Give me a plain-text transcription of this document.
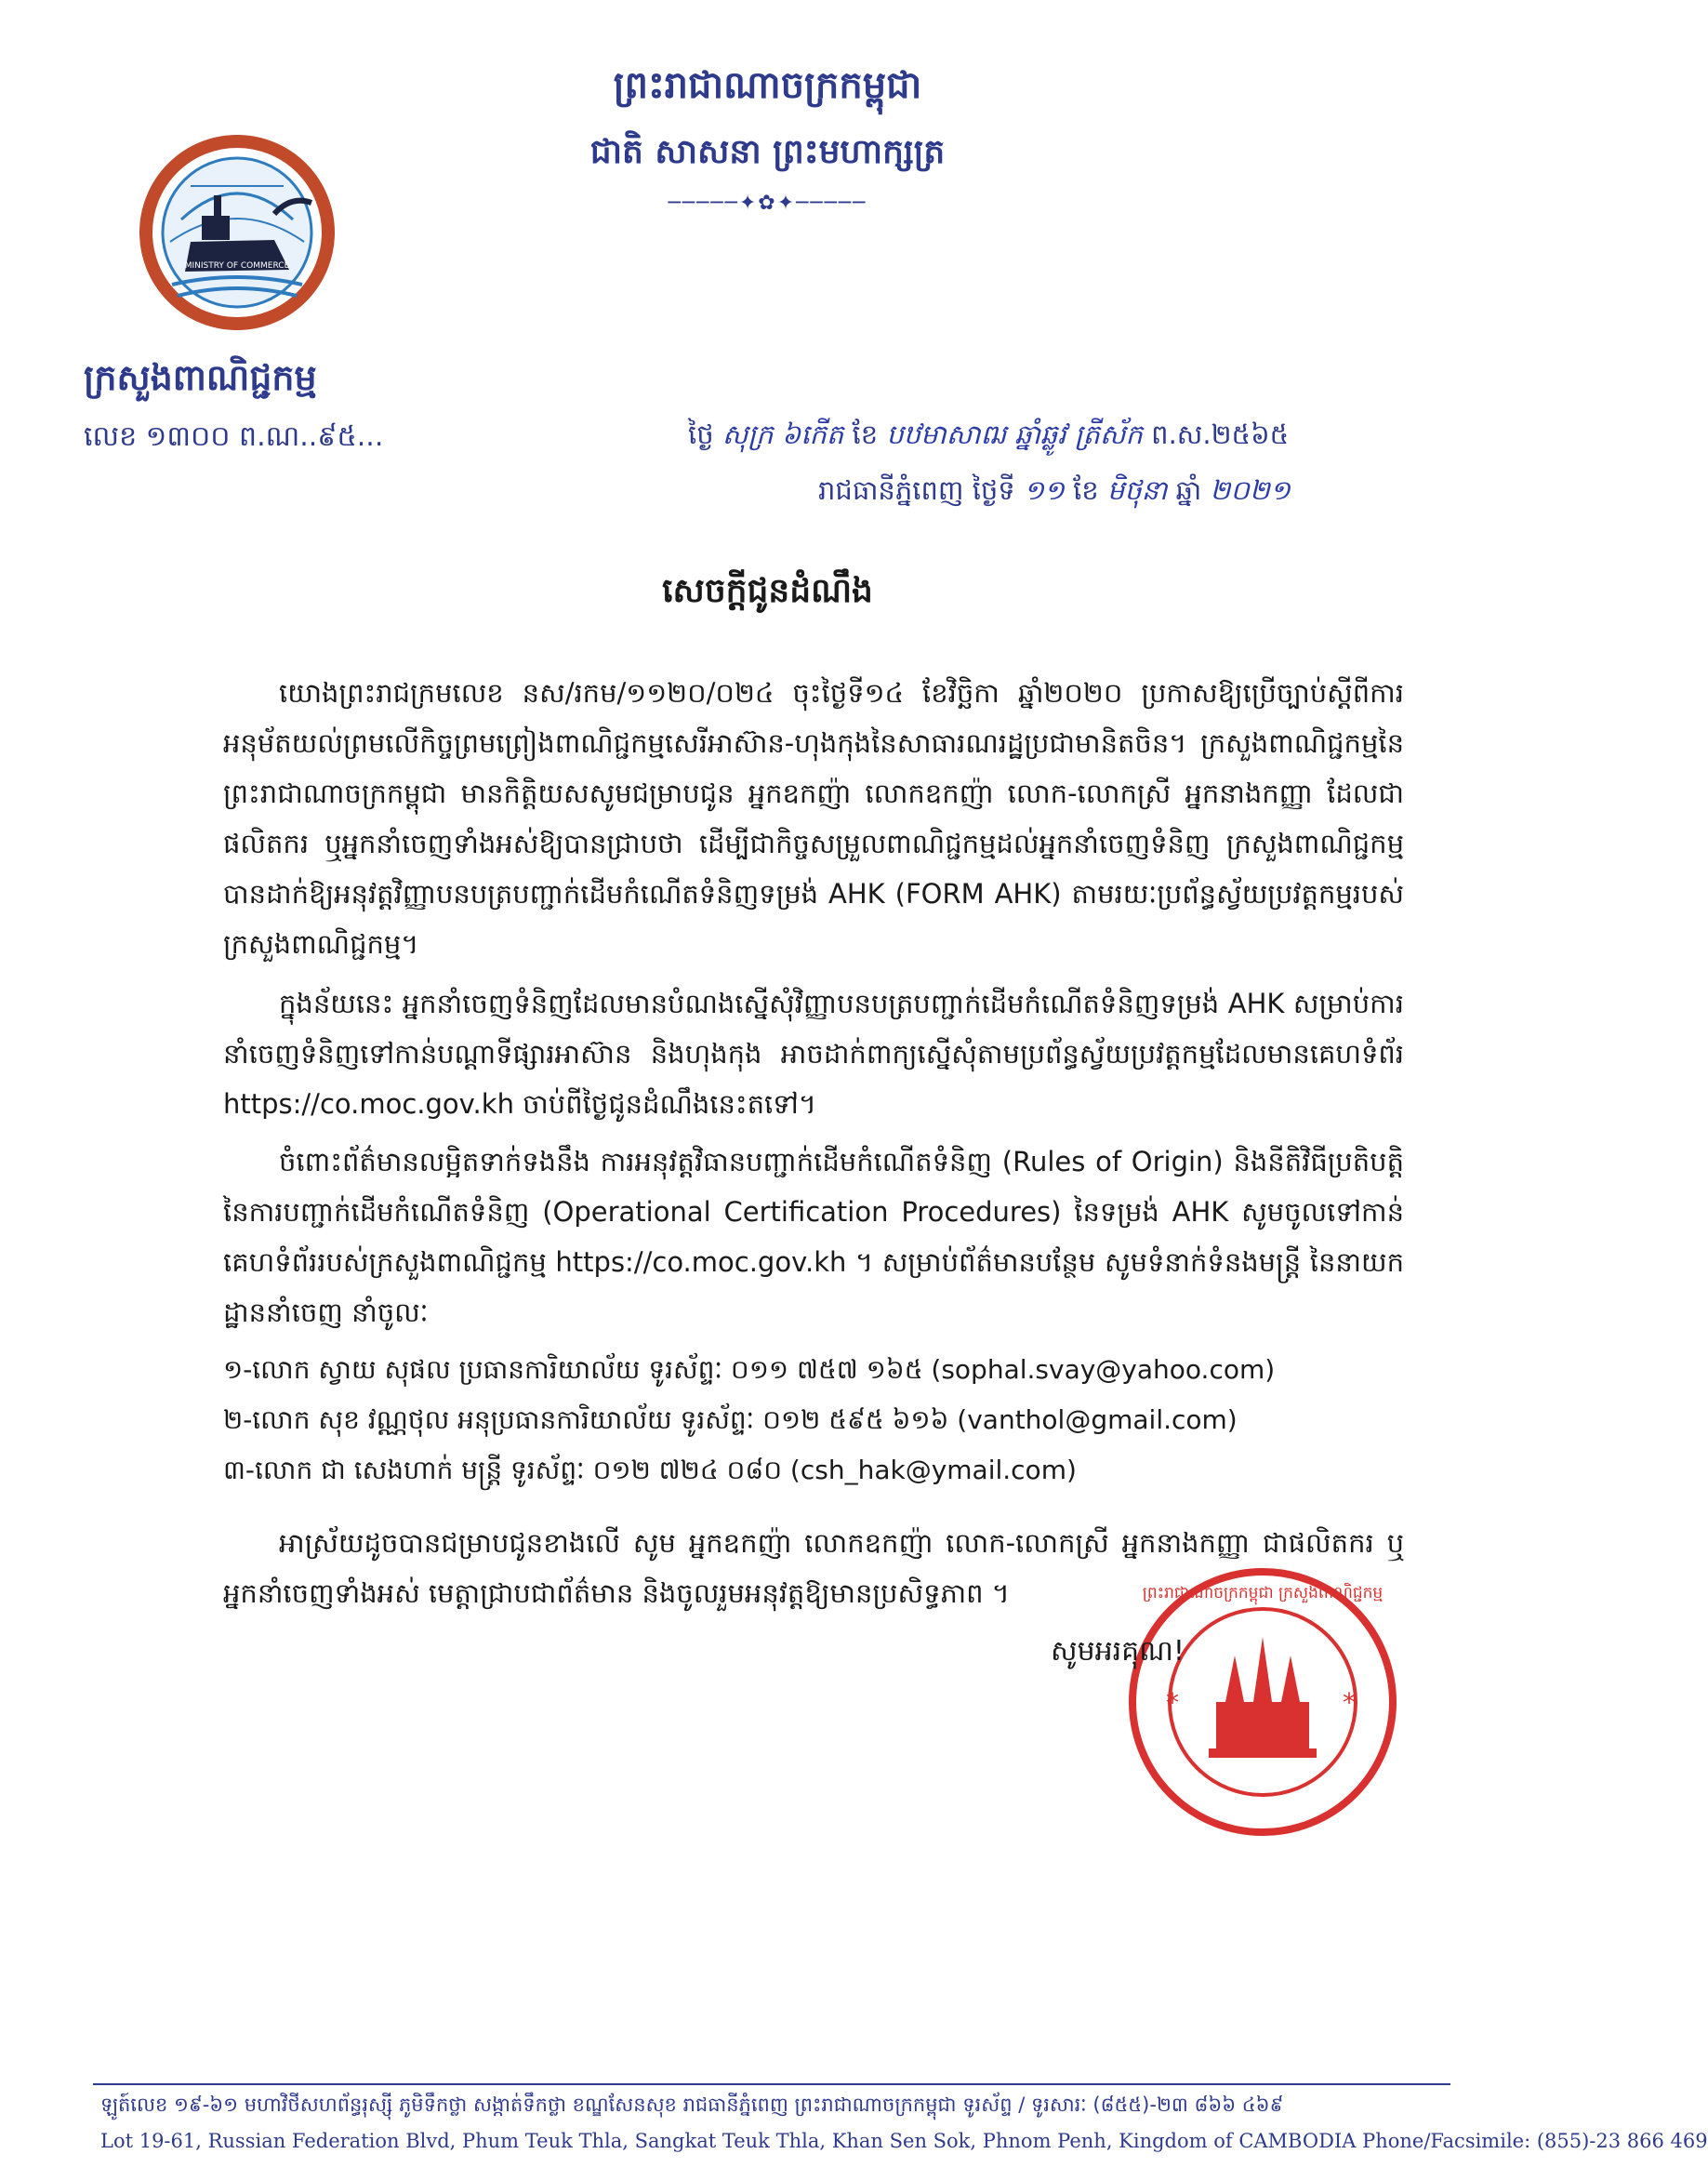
ព្រះរាជាណាចក្រកម្ពុជា
ជាតិ សាសនា ព្រះមហាក្សត្រ
─────✦✿✦─────
MINISTRY OF COMMERCE
ក្រសួងពាណិជ្ជកម្ម
លេខ ១៣០០ ព.ណ..៩៥...	ថ្ងៃ សុក្រ ៦កើត ខែ បឋមាសាឍ ឆ្នាំឆ្លូវ ត្រីស័ក ព.ស.២៥៦៥
រាជធានីភ្នំពេញ ថ្ងៃទី ១១ ខែ មិថុនា ឆ្នាំ ២០២១
សេចក្តីជូនដំណឹង
យោងព្រះរាជក្រមលេខ នស/រកម/១១២០/០២៤ ចុះថ្ងៃទី១៤ ខែវិច្ឆិកា ឆ្នាំ២០២០ ប្រកាសឱ្យប្រើច្បាប់ស្តីពីការអនុម័តយល់ព្រមលើកិច្ចព្រមព្រៀងពាណិជ្ជកម្មសេរីអាស៊ាន-ហុងកុងនៃសាធារណរដ្ឋប្រជាមានិតចិន។ ក្រសួងពាណិជ្ជកម្មនៃព្រះរាជាណាចក្រកម្ពុជា មានកិត្តិយសសូមជម្រាបជូន អ្នកឧកញ៉ា លោកឧកញ៉ា លោក-លោកស្រី អ្នកនាងកញ្ញា ដែលជាផលិតករ ឬអ្នកនាំចេញទាំងអស់ឱ្យបានជ្រាបថា ដើម្បីជាកិច្ចសម្រួលពាណិជ្ជកម្មដល់អ្នកនាំចេញទំនិញ ក្រសួងពាណិជ្ជកម្មបានដាក់ឱ្យអនុវត្តវិញ្ញាបនបត្របញ្ជាក់ដើមកំណើតទំនិញទម្រង់ AHK (FORM AHK) តាមរយៈប្រព័ន្ធស្វ័យប្រវត្តកម្មរបស់ក្រសួងពាណិជ្ជកម្ម។
ក្នុងន័យនេះ អ្នកនាំចេញទំនិញដែលមានបំណងស្នើសុំវិញ្ញាបនបត្របញ្ជាក់ដើមកំណើតទំនិញទម្រង់ AHK សម្រាប់ការនាំចេញទំនិញទៅកាន់បណ្តាទីផ្សារអាស៊ាន និងហុងកុង អាចដាក់ពាក្យស្នើសុំតាមប្រព័ន្ធស្វ័យប្រវត្តកម្មដែលមានគេហទំព័រ https://co.moc.gov.kh ចាប់ពីថ្ងៃជូនដំណឹងនេះតទៅ។
ចំពោះព័ត៌មានលម្អិតទាក់ទងនឹង ការអនុវត្តវិធានបញ្ជាក់ដើមកំណើតទំនិញ (Rules of Origin) និងនីតិវិធីប្រតិបត្តិនៃការបញ្ជាក់ដើមកំណើតទំនិញ (Operational Certification Procedures) នៃទម្រង់ AHK សូមចូលទៅកាន់គេហទំព័ររបស់ក្រសួងពាណិជ្ជកម្ម https://co.moc.gov.kh ។ សម្រាប់ព័ត៌មានបន្ថែម សូមទំនាក់ទំនងមន្ត្រី នៃនាយកដ្ឋាននាំចេញ នាំចូលៈ
១-លោក ស្វាយ សុផល ប្រធានការិយាល័យ ទូរស័ព្ទៈ ០១១ ៧៥៧ ១៦៥ (sophal.svay@yahoo.com)
២-លោក សុខ វណ្ណថុល អនុប្រធានការិយាល័យ ទូរស័ព្ទៈ ០១២ ៥៩៥ ៦១៦ (vanthol@gmail.com)
៣-លោក ជា សេងហាក់ មន្ត្រី ទូរស័ព្ទៈ ០១២ ៧២៤ ០៨០ (csh_hak@ymail.com)
អាស្រ័យដូចបានជម្រាបជូនខាងលើ សូម អ្នកឧកញ៉ា លោកឧកញ៉ា លោក-លោកស្រី អ្នកនាងកញ្ញា ជាផលិតករ ឬអ្នកនាំចេញទាំងអស់ មេត្តាជ្រាបជាព័ត៌មាន និងចូលរួមអនុវត្តឱ្យមានប្រសិទ្ធភាព ។
*	*
ព្រះរាជាណាចក្រកម្ពុជា ក្រសួងពាណិជ្ជកម្ម
សូមអរគុណ!
ឡូត៍លេខ ១៩-៦១ មហាវិថីសហព័ន្ធរុស្ស៊ី ភូមិទឹកថ្លា សង្កាត់ទឹកថ្លា ខណ្ឌសែនសុខ រាជធានីភ្នំពេញ ព្រះរាជាណាចក្រកម្ពុជា ទូរស័ព្ទ / ទូរសារៈ (៨៥៥)-២៣ ៨៦៦ ៤៦៩
Lot 19-61, Russian Federation Blvd, Phum Teuk Thla, Sangkat Teuk Thla, Khan Sen Sok, Phnom Penh, Kingdom of CAMBODIA Phone/Facsimile: (855)-23 866 469
